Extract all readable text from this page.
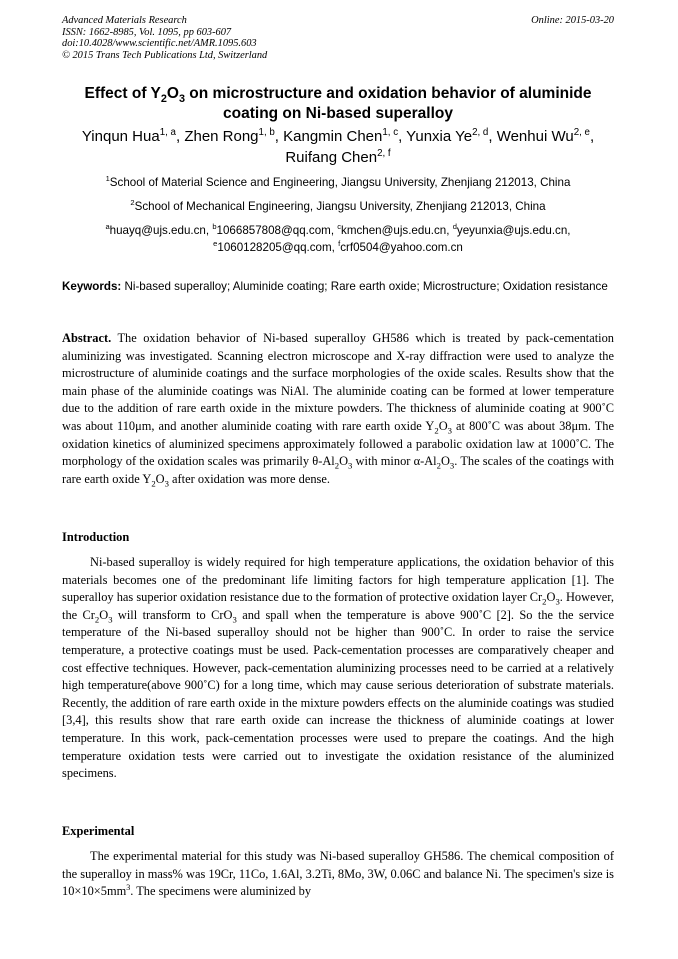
Advanced Materials Research
ISSN: 1662-8985, Vol. 1095, pp 603-607
doi:10.4028/www.scientific.net/AMR.1095.603
© 2015 Trans Tech Publications Ltd, Switzerland
Online: 2015-03-20
Effect of $Y_2O_3$ on microstructure and oxidation behavior of aluminide coating on Ni-based superalloy
Yinqun Hua$^{1, a}$, Zhen Rong$^{1, b}$, Kangmin Chen$^{1, c}$, Yunxia Ye$^{2, d}$, Wenhui Wu$^{2, e}$,
Ruifang Chen$^{2, f}$
$^1$School of Material Science and Engineering, Jiangsu University, Zhenjiang 212013, China
$^2$School of Mechanical Engineering, Jiangsu University, Zhenjiang 212013, China
$^a$huayq@ujs.edu.cn, $^b$1066857808@qq.com, $^c$kmchen@ujs.edu.cn, $^d$yeyunxia@ujs.edu.cn,
$^e$1060128205@qq.com, $^f$crf0504@yahoo.com.cn
Keywords: Ni-based superalloy; Aluminide coating; Rare earth oxide; Microstructure; Oxidation resistance
Abstract. The oxidation behavior of Ni-based superalloy GH586 which is treated by pack-cementation aluminizing was investigated. Scanning electron microscope and X-ray diffraction were used to analyze the microstructure of aluminide coatings and the surface morphologies of the oxide scales. Results show that the main phase of the aluminide coatings was NiAl. The aluminide coating can be formed at lower temperature due to the addition of rare earth oxide in the mixture powders. The thickness of aluminide coating at 900˚C was about 110μm, and another aluminide coating with rare earth oxide $Y_2O_3$ at 800˚C was about 38μm. The oxidation kinetics of aluminized specimens approximately followed a parabolic oxidation law at 1000˚C. The morphology of the oxidation scales was primarily $\theta-Al_2O_3$ with minor $\alpha-Al_2O_3$. The scales of the coatings with rare earth oxide $Y_2O_3$ after oxidation was more dense.
Introduction
Ni-based superalloy is widely required for high temperature applications, the oxidation behavior of this materials becomes one of the predominant life limiting factors for high temperature application [1]. The superalloy has superior oxidation resistance due to the formation of protective oxidation layer $Cr_2O_3$. However, the $Cr_2O_3$ will transform to CrO$_3$ and spall when the temperature is above 900˚C [2]. So the the service temperature of the Ni-based superalloy should not be higher than 900˚C. In order to raise the service temperature, a protective coatings must be used. Pack-cementation processes are comparatively cheaper and cost effective techniques. However, pack-cementation aluminizing processes need to be carried at a relatively high temperature(above 900˚C) for a long time, which may cause serious deterioration of substrate materials. Recently, the addition of rare earth oxide in the mixture powders effects on the aluminide coatings was studied [3,4], this results show that rare earth oxide can increase the thickness of aluminide coatings at lower temperature. In this work, pack-cementation processes were used to prepare the coatings. And the high temperature oxidation tests were carried out to investigate the oxidation resistance of the aluminized specimens.
Experimental
The experimental material for this study was Ni-based superalloy GH586. The chemical composition of the superalloy in mass% was 19Cr, 11Co, 1.6Al, 3.2Ti, 8Mo, 3W, 0.06C and balance Ni. The specimen's size is $10\times 10\times 5mm^3$. The specimens were aluminized by
